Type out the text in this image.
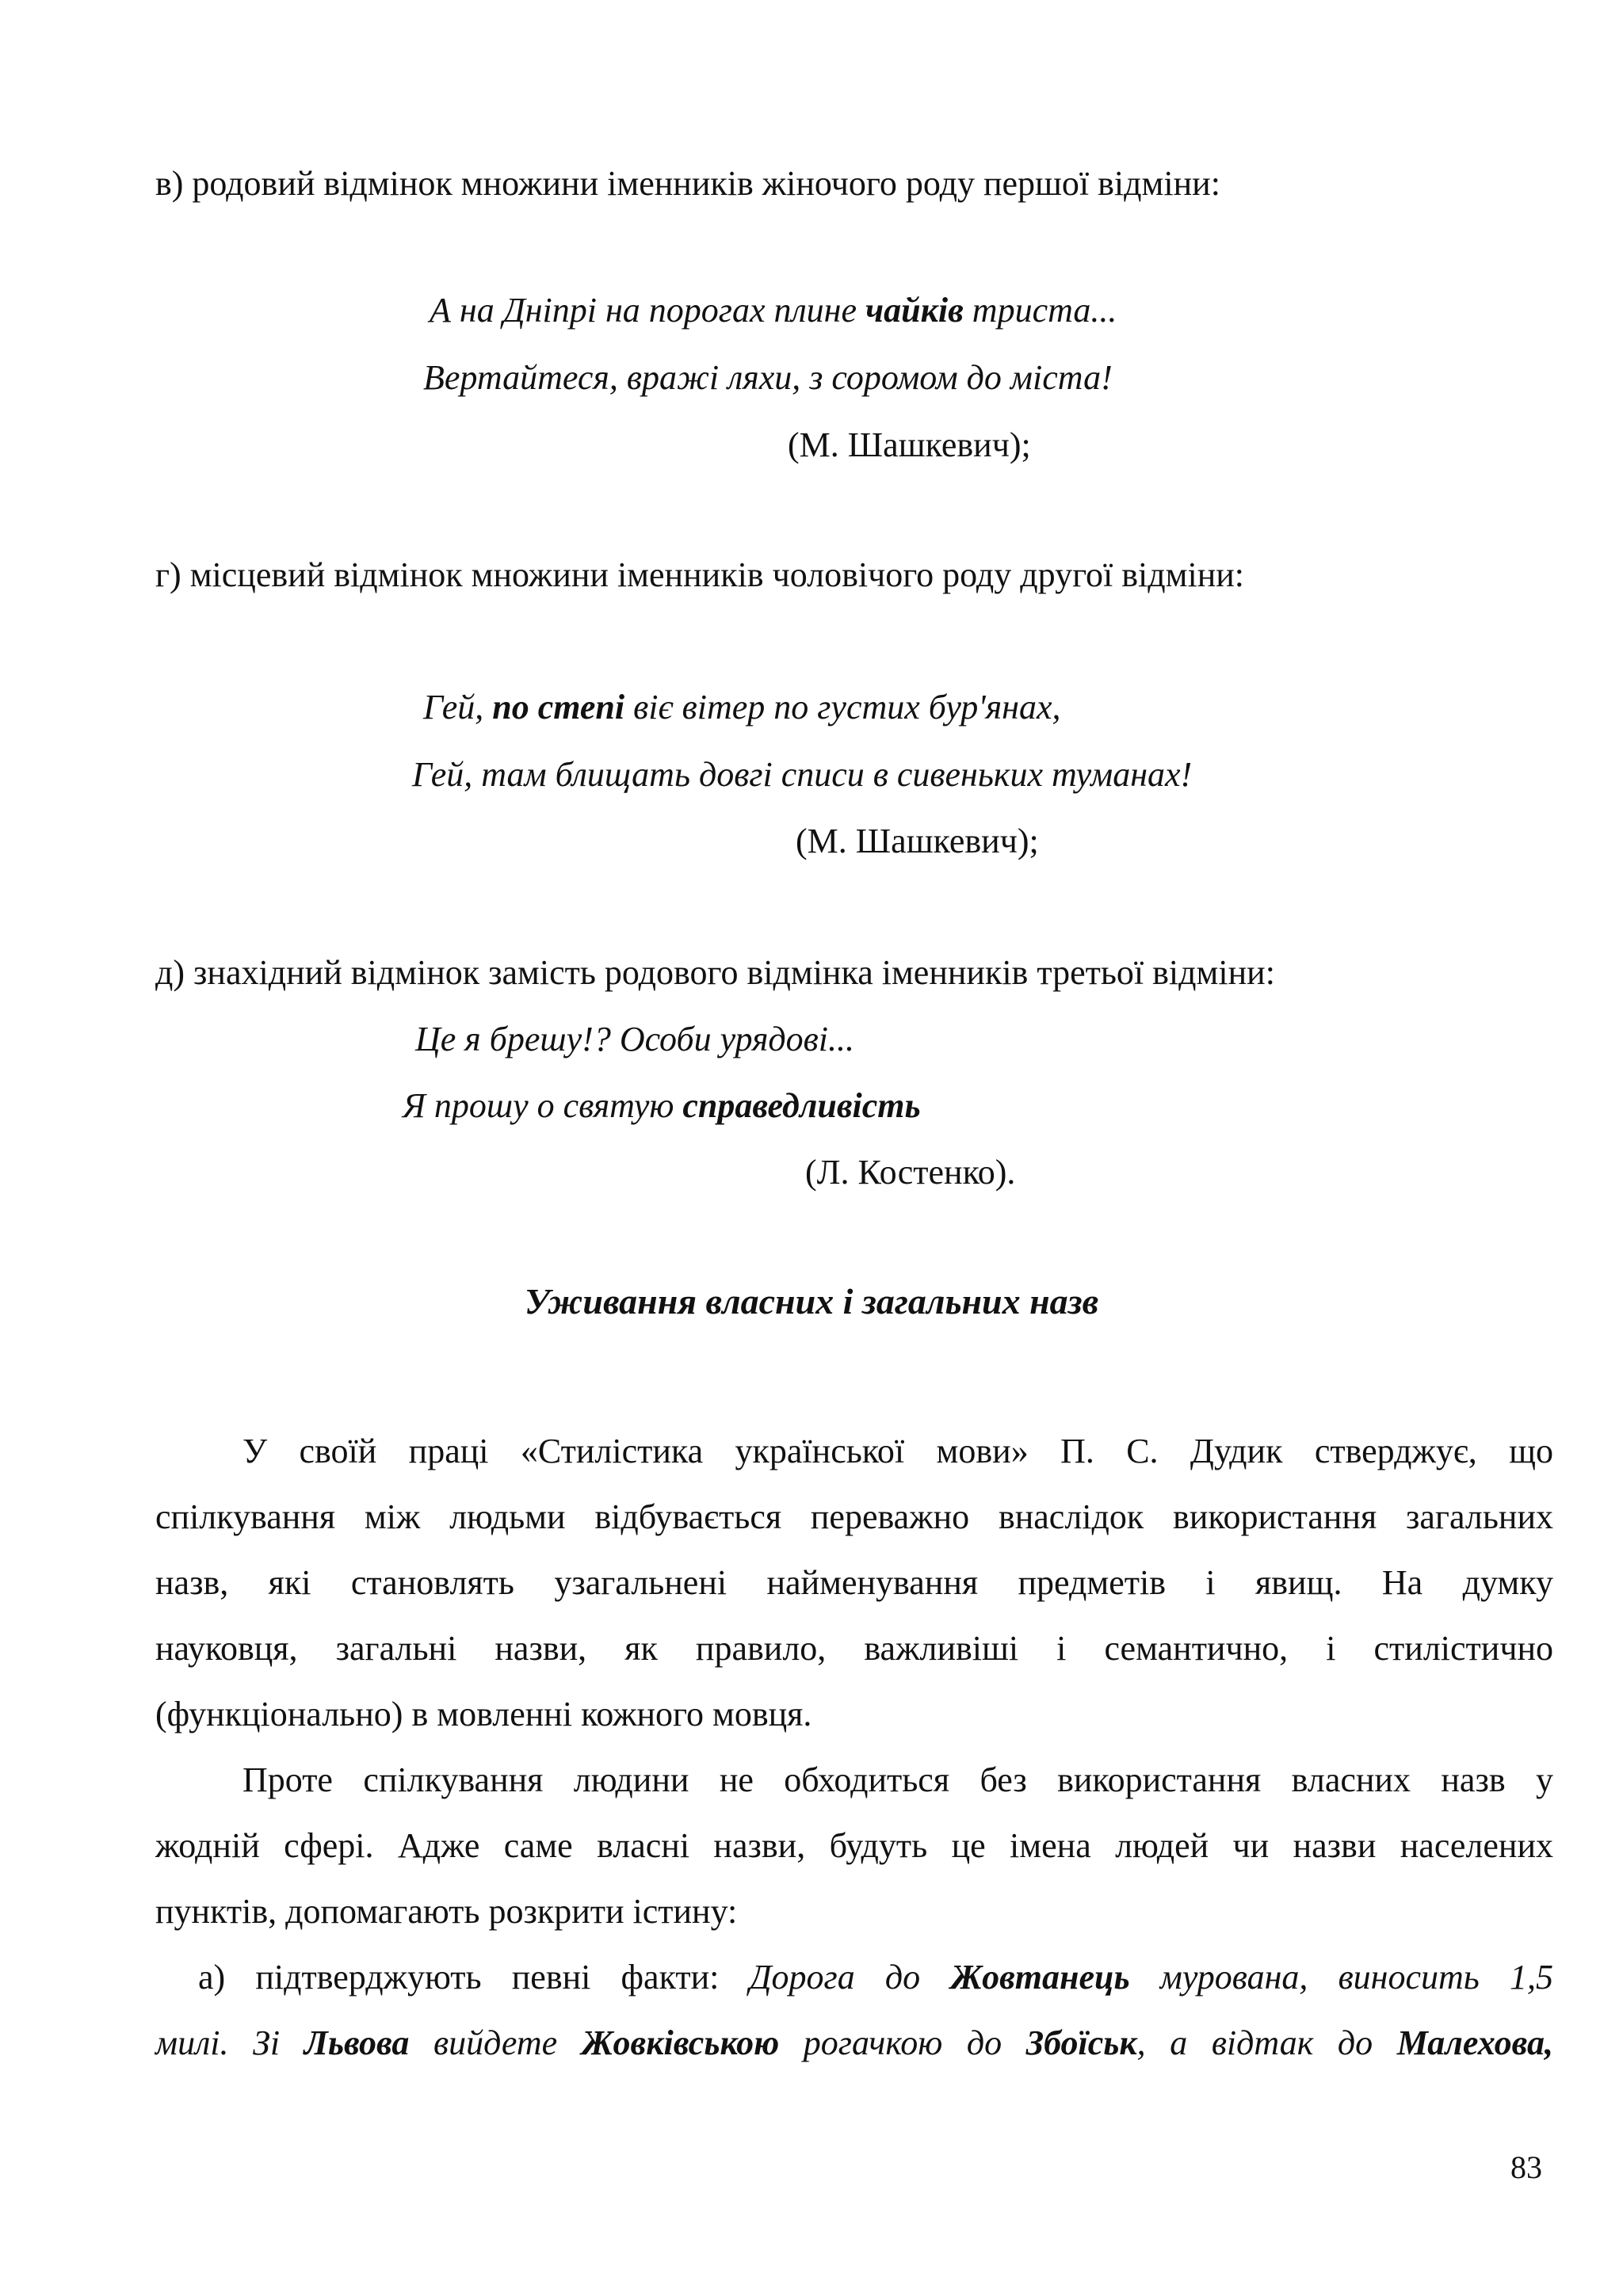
в) родовий відмінок множини іменників жіночого роду першої відміни:
А на Дніпрі на порогах плине чайків триста...
Вертайтеся, вражі ляхи, з соромом до міста!
(М. Шашкевич);
г) місцевий відмінок множини іменників чоловічого роду другої відміни:
Гей, по степі віє вітер по густих бур'янах,
Гей, там блищать довгі списи в сивеньких туманах!
(М. Шашкевич);
д) знахідний відмінок замість родового відмінка іменників третьої відміни:
Це я брешу!? Особи урядові...
Я прошу о святую справедливість
(Л. Костенко).
Уживання власних і загальних назв
У своїй праці «Стилістика української мови» П. С. Дудик стверджує, що
спілкування між людьми відбувається переважно внаслідок використання загальних
назв, які становлять узагальнені найменування предметів і явищ. На думку
науковця, загальні назви, як правило, важливіші і семантично, і стилістично
(функціонально) в мовленні кожного мовця.
Проте спілкування людини не обходиться без використання власних назв у
жодній сфері. Адже саме власні назви, будуть це імена людей чи назви населених
пунктів, допомагають розкрити істину:
а) підтверджують певні факти: Дорога до Жовтанець мурована, виносить 1,5
милі. Зі Львова вийдете Жовківською рогачкою до Збоїськ, а відтак до Малехова,
83
